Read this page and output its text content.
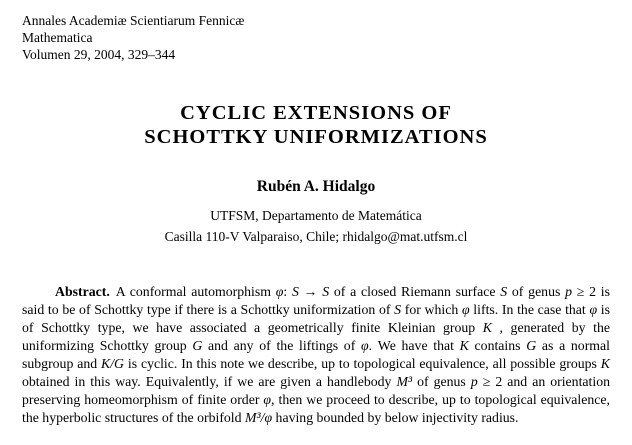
Annales Academiæ Scientiarum Fennicæ
Mathematica
Volumen 29, 2004, 329–344
CYCLIC EXTENSIONS OF
SCHOTTKY UNIFORMIZATIONS
Rubén A. Hidalgo
UTFSM, Departamento de Matemática
Casilla 110-V Valparaiso, Chile; rhidalgo@mat.utfsm.cl

Abstract. A conformal automorphism φ: S → S of a closed Riemann surface S of genus p ≥ 2 is said to be of Schottky type if there is a Schottky uniformization of S for which φ lifts. In the case that φ is of Schottky type, we have associated a geometrically finite Kleinian group K , generated by the uniformizing Schottky group G and any of the liftings of φ. We have that K contains G as a normal subgroup and K/G is cyclic. In this note we describe, up to topological equivalence, all possible groups K obtained in this way. Equivalently, if we are given a handlebody M³ of genus p ≥ 2 and an orientation preserving homeomorphism of finite order φ, then we proceed to describe, up to topological equivalence, the hyperbolic structures of the orbifold M³/φ having bounded by below injectivity radius.
